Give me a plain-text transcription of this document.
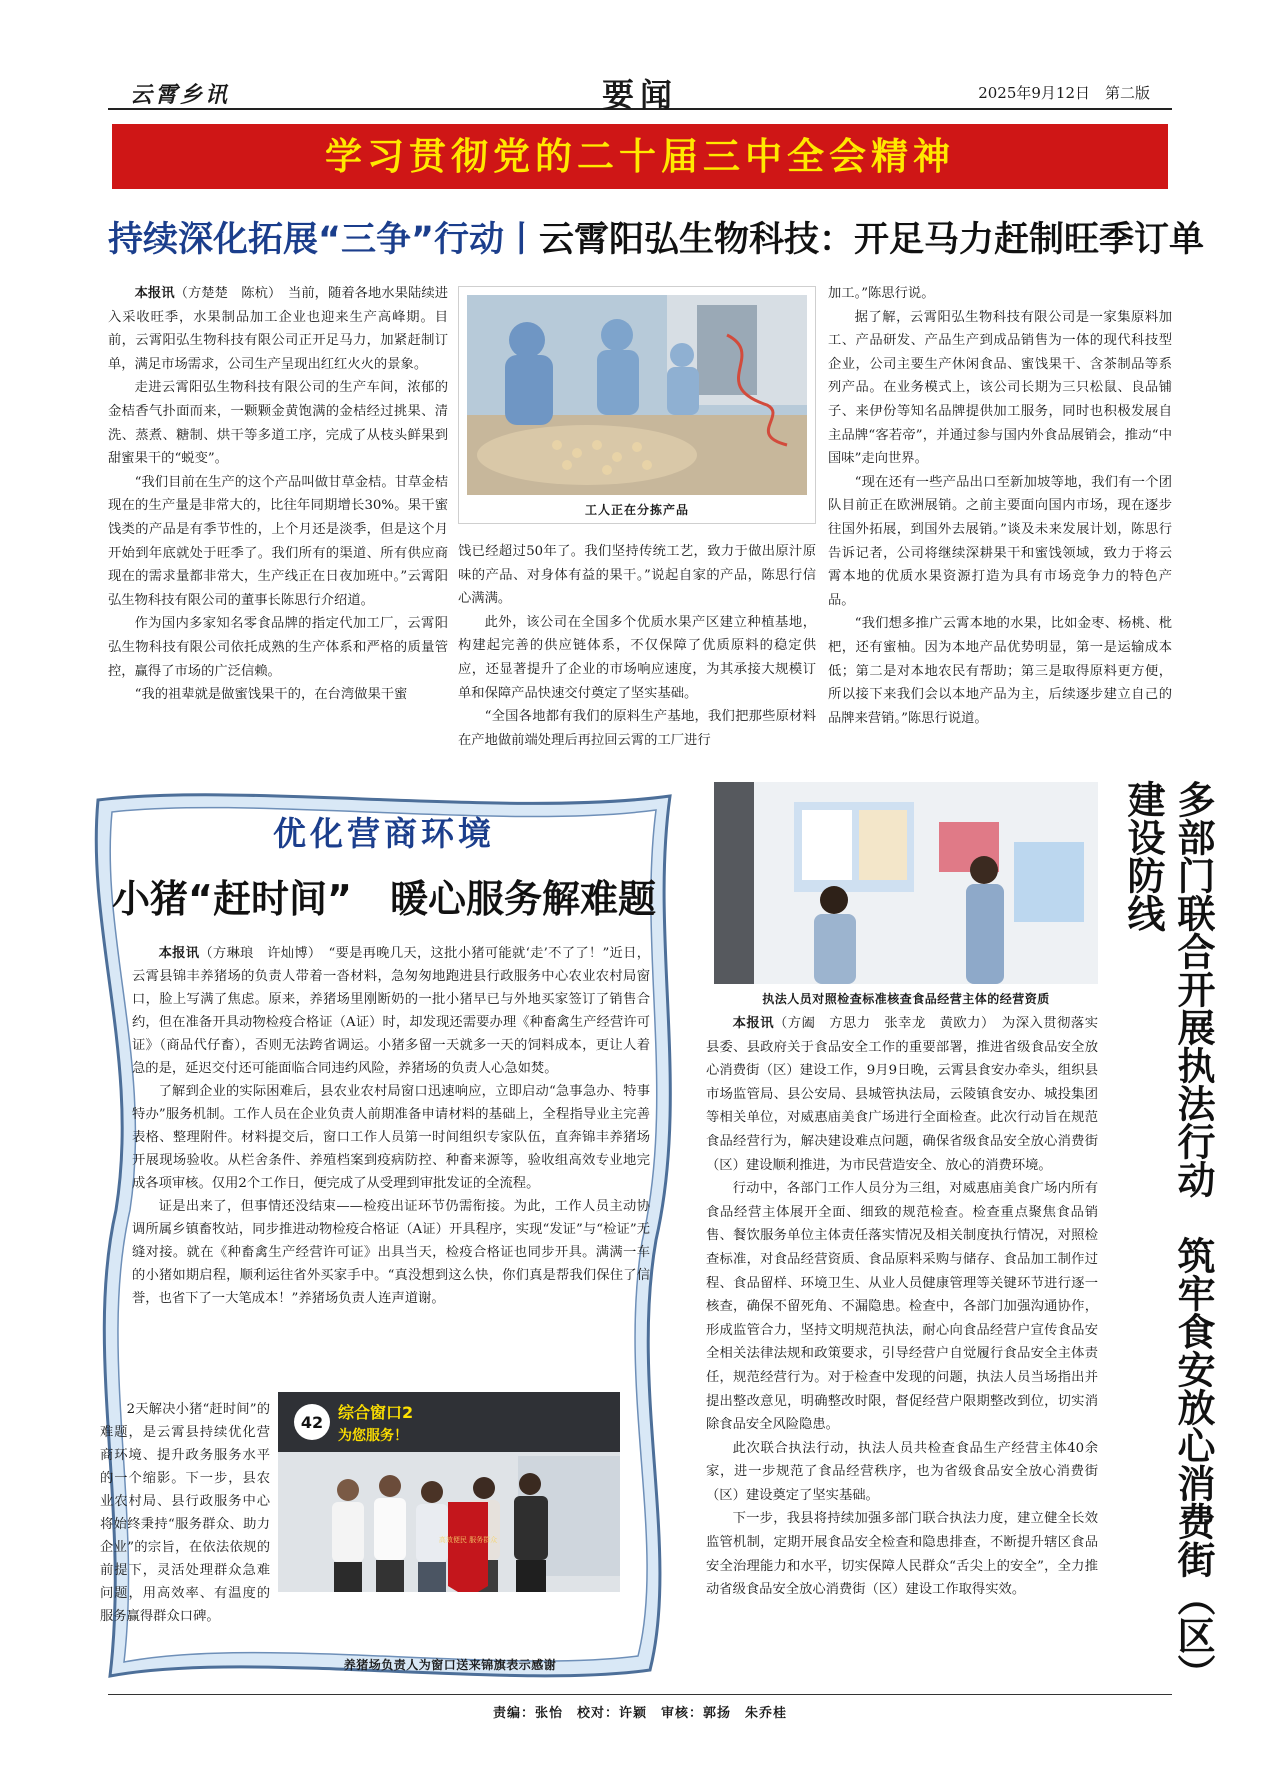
云霄乡讯	要闻	2025年9月12日　第二版
学习贯彻党的二十届三中全会精神
持续深化拓展“三争”行动丨云霄阳弘生物科技：开足马力赶制旺季订单

本报讯（方楚楚　陈杭）　当前，随着各地水果陆续进入采收旺季，水果制品加工企业也迎来生产高峰期。目前，云霄阳弘生物科技有限公司正开足马力，加紧赶制订单，满足市场需求，公司生产呈现出红红火火的景象。

走进云霄阳弘生物科技有限公司的生产车间，浓郁的金桔香气扑面而来，一颗颗金黄饱满的金桔经过挑果、清洗、蒸煮、糖制、烘干等多道工序，完成了从枝头鲜果到甜蜜果干的“蜕变”。

“我们目前在生产的这个产品叫做甘草金桔。甘草金桔现在的生产量是非常大的，比往年同期增长30%。果干蜜饯类的产品是有季节性的，上个月还是淡季，但是这个月开始到年底就处于旺季了。我们所有的渠道、所有供应商现在的需求量都非常大，生产线正在日夜加班中。”云霄阳弘生物科技有限公司的董事长陈思行介绍道。

作为国内多家知名零食品牌的指定代加工厂，云霄阳弘生物科技有限公司依托成熟的生产体系和严格的质量管控，赢得了市场的广泛信赖。

“我的祖辈就是做蜜饯果干的，在台湾做果干蜜

工人正在分拣产品

饯已经超过50年了。我们坚持传统工艺，致力于做出原汁原味的产品、对身体有益的果干。”说起自家的产品，陈思行信心满满。

此外，该公司在全国多个优质水果产区建立种植基地，构建起完善的供应链体系，不仅保障了优质原料的稳定供应，还显著提升了企业的市场响应速度，为其承接大规模订单和保障产品快速交付奠定了坚实基础。

“全国各地都有我们的原料生产基地，我们把那些原材料在产地做前端处理后再拉回云霄的工厂进行

加工。”陈思行说。

据了解，云霄阳弘生物科技有限公司是一家集原料加工、产品研发、产品生产到成品销售为一体的现代科技型企业，公司主要生产休闲食品、蜜饯果干、含茶制品等系列产品。在业务模式上，该公司长期为三只松鼠、良品铺子、来伊份等知名品牌提供加工服务，同时也积极发展自主品牌“客若帝”，并通过参与国内外食品展销会，推动“中国味”走向世界。

“现在还有一些产品出口至新加坡等地，我们有一个团队目前正在欧洲展销。之前主要面向国内市场，现在逐步往国外拓展，到国外去展销。”谈及未来发展计划，陈思行告诉记者，公司将继续深耕果干和蜜饯领域，致力于将云霄本地的优质水果资源打造为具有市场竞争力的特色产品。

“我们想多推广云霄本地的水果，比如金枣、杨桃、枇杷，还有蜜柚。因为本地产品优势明显，第一是运输成本低；第二是对本地农民有帮助；第三是取得原料更方便，所以接下来我们会以本地产品为主，后续逐步建立自己的品牌来营销。”陈思行说道。

优化营商环境
小猪“赶时间”　暖心服务解难题

本报讯（方琳琅　许灿博）　“要是再晚几天，这批小猪可能就‘走’不了了！”近日，云霄县锦丰养猪场的负责人带着一沓材料，急匆匆地跑进县行政服务中心农业农村局窗口，脸上写满了焦虑。原来，养猪场里刚断奶的一批小猪早已与外地买家签订了销售合约，但在准备开具动物检疫合格证（A证）时，却发现还需要办理《种畜禽生产经营许可证》（商品代仔畜），否则无法跨省调运。小猪多留一天就多一天的饲料成本，更让人着急的是，延迟交付还可能面临合同违约风险，养猪场的负责人心急如焚。

了解到企业的实际困难后，县农业农村局窗口迅速响应，立即启动“急事急办、特事特办”服务机制。工作人员在企业负责人前期准备申请材料的基础上，全程指导业主完善表格、整理附件。材料提交后，窗口工作人员第一时间组织专家队伍，直奔锦丰养猪场开展现场验收。从栏舍条件、养殖档案到疫病防控、种畜来源等，验收组高效专业地完成各项审核。仅用2个工作日，便完成了从受理到审批发证的全流程。

证是出来了，但事情还没结束——检疫出证环节仍需衔接。为此，工作人员主动协调所属乡镇畜牧站，同步推进动物检疫合格证（A证）开具程序，实现“发证”与“检证”无缝对接。就在《种畜禽生产经营许可证》出具当天，检疫合格证也同步开具。满满一车的小猪如期启程，顺利运往省外买家手中。“真没想到这么快，你们真是帮我们保住了信誉，也省下了一大笔成本！”养猪场负责人连声道谢。

2天解决小猪“赶时间”的难题，是云霄县持续优化营商环境、提升政务服务水平的一个缩影。下一步，县农业农村局、县行政服务中心将始终秉持“服务群众、助力企业”的宗旨，在依法依规的前提下，灵活处理群众急难问题，用高效率、有温度的服务赢得群众口碑。

42
综合窗口2
为您服务！
高效便民 服务群众
养猪场负责人为窗口送来锦旗表示感谢
执法人员对照检查标准核查食品经营主体的经营资质

本报讯（方阖　方思力　张幸龙　黄欧力）　为深入贯彻落实县委、县政府关于食品安全工作的重要部署，推进省级食品安全放心消费街（区）建设工作，9月9日晚，云霄县食安办牵头，组织县市场监管局、县公安局、县城管执法局，云陵镇食安办、城投集团等相关单位，对威惠庙美食广场进行全面检查。此次行动旨在规范食品经营行为，解决建设难点问题，确保省级食品安全放心消费街（区）建设顺利推进，为市民营造安全、放心的消费环境。

行动中，各部门工作人员分为三组，对威惠庙美食广场内所有食品经营主体展开全面、细致的规范检查。检查重点聚焦食品销售、餐饮服务单位主体责任落实情况及相关制度执行情况，对照检查标准，对食品经营资质、食品原料采购与储存、食品加工制作过程、食品留样、环境卫生、从业人员健康管理等关键环节进行逐一核查，确保不留死角、不漏隐患。检查中，各部门加强沟通协作，形成监管合力，坚持文明规范执法，耐心向食品经营户宣传食品安全相关法律法规和政策要求，引导经营户自觉履行食品安全主体责任，规范经营行为。对于检查中发现的问题，执法人员当场指出并提出整改意见，明确整改时限，督促经营户限期整改到位，切实消除食品安全风险隐患。

此次联合执法行动，执法人员共检查食品生产经营主体40余家，进一步规范了食品经营秩序，也为省级食品安全放心消费街（区）建设奠定了坚实基础。

下一步，我县将持续加强多部门联合执法力度，建立健全长效监管机制，定期开展食品安全检查和隐患排查，不断提升辖区食品安全治理能力和水平，切实保障人民群众“舌尖上的安全”，全力推动省级食品安全放心消费街（区）建设工作取得实效。	多部门联合开展执法行动　筑牢食安放心消费街（区）建设防线
责编：张怡　校对：许颖　审核：郭扬　朱乔桂
